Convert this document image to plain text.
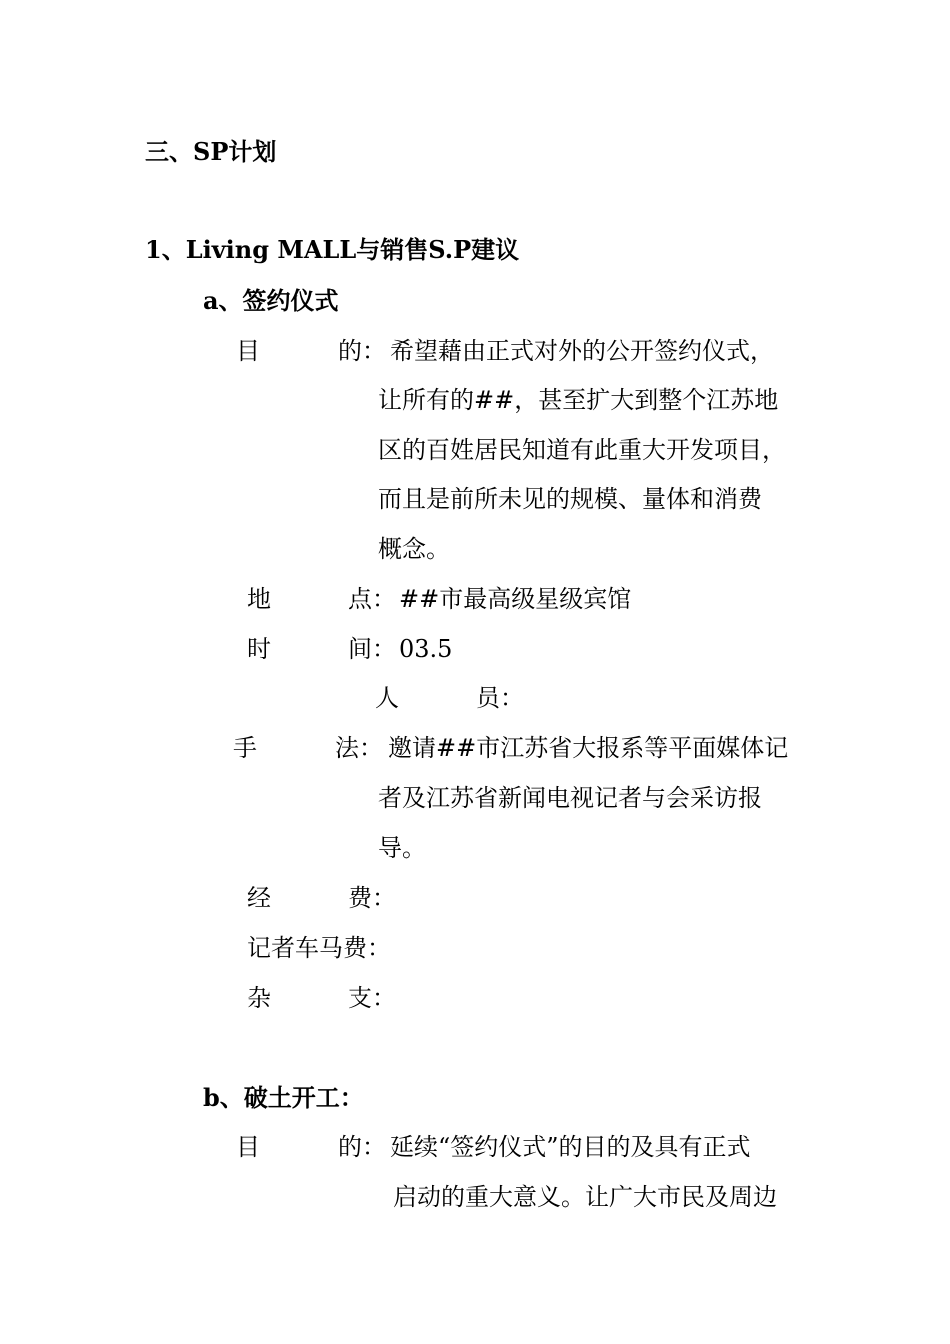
三、SP计划
1、Living MALL与销售S.P建议
a、签约仪式
目	的： 希望藉由正式对外的公开签约仪式，
让所有的##，甚至扩大到整个江苏地
区的百姓居民知道有此重大开发项目，
而且是前所未见的规模、量体和消费
概念。
地	点： ##市最高级星级宾馆
时	间： 03.5
人	员：
手	法： 邀请##市江苏省大报系等平面媒体记
者及江苏省新闻电视记者与会采访报
导。
经	费：
记者车马费：
杂	支：
b、破土开工：
目	的： 延续“签约仪式”的目的及具有正式
启动的重大意义。让广大市民及周边
